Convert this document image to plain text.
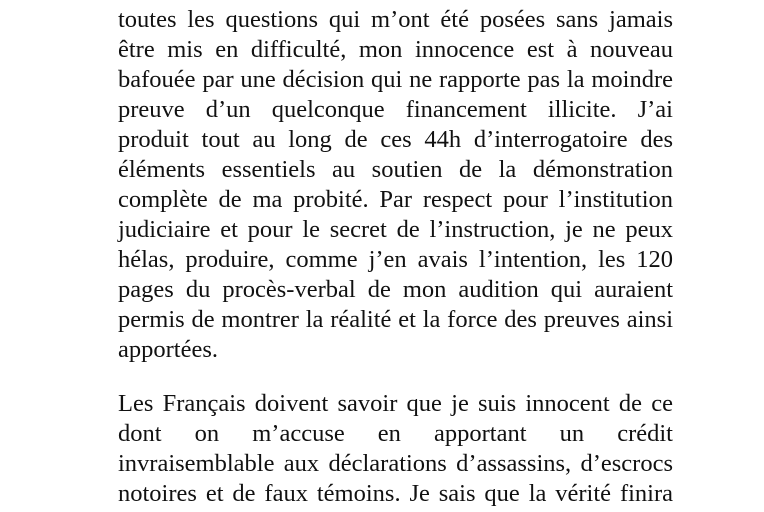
toutes les questions qui m’ont été posées sans jamais
être mis en difficulté, mon innocence est à nouveau
bafouée par une décision qui ne rapporte pas la moindre
preuve d’un quelconque financement illicite. J’ai
produit tout au long de ces 44h d’interrogatoire des
éléments essentiels au soutien de la démonstration
complète de ma probité. Par respect pour l’institution
judiciaire et pour le secret de l’instruction, je ne peux
hélas, produire, comme j’en avais l’intention, les 120
pages du procès-verbal de mon audition qui auraient
permis de montrer la réalité et la force des preuves ainsi
apportées.
Les Français doivent savoir que je suis innocent de ce
dont on m’accuse en apportant un crédit
invraisemblable aux déclarations d’assassins, d’escrocs
notoires et de faux témoins. Je sais que la vérité finira
